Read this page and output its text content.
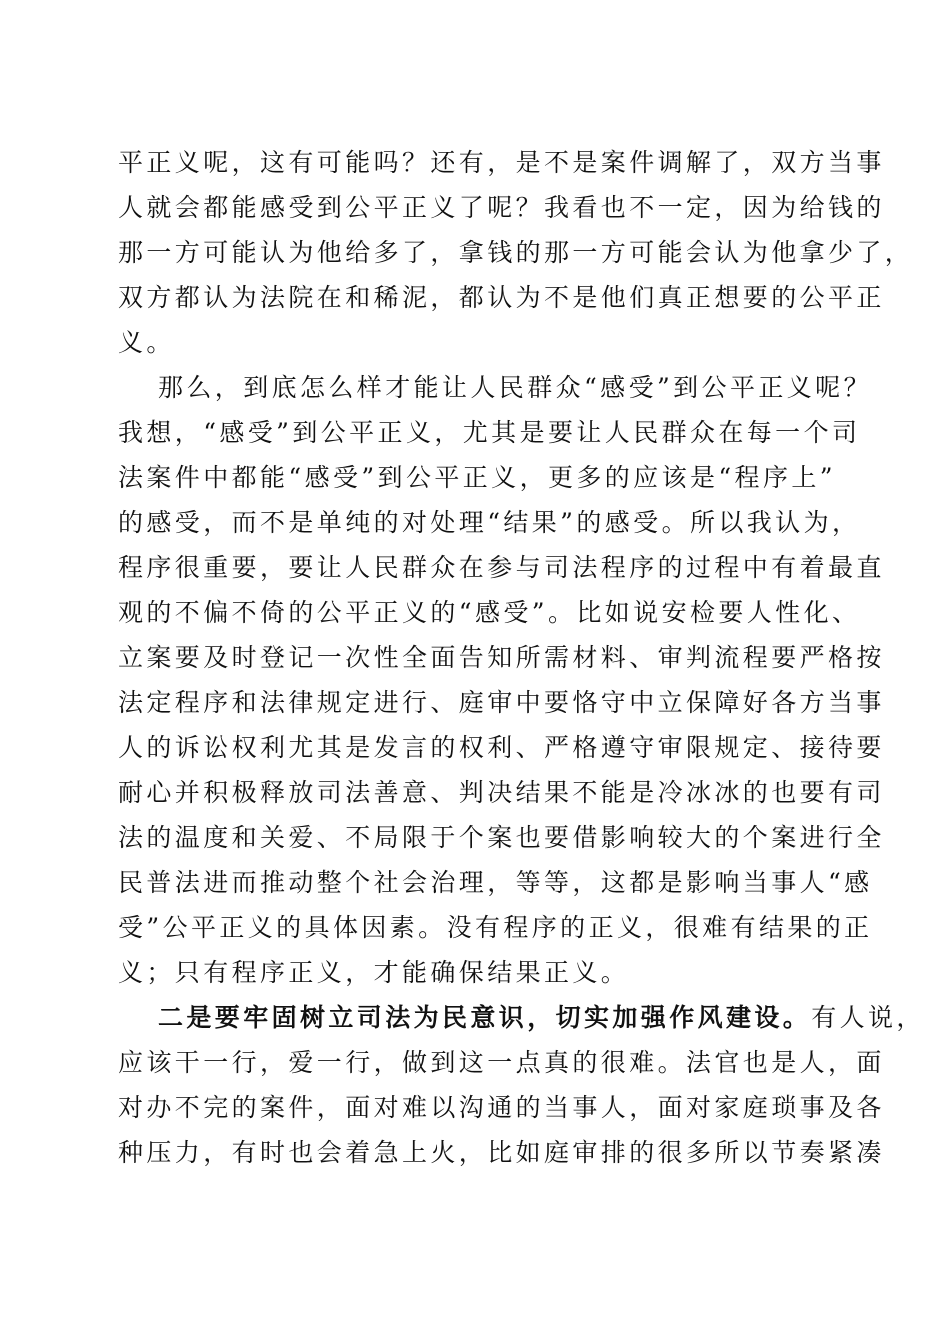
平正义呢，这有可能吗？还有，是不是案件调解了，双方当事
人就会都能感受到公平正义了呢？我看也不一定，因为给钱的
那一方可能认为他给多了，拿钱的那一方可能会认为他拿少了，
双方都认为法院在和稀泥，都认为不是他们真正想要的公平正
义。
那么，到底怎么样才能让人民群众“感受”到公平正义呢？
我想，“感受”到公平正义，尤其是要让人民群众在每一个司
法案件中都能“感受”到公平正义，更多的应该是“程序上”
的感受，而不是单纯的对处理“结果”的感受。所以我认为，
程序很重要，要让人民群众在参与司法程序的过程中有着最直
观的不偏不倚的公平正义的“感受”。比如说安检要人性化、
立案要及时登记一次性全面告知所需材料、审判流程要严格按
法定程序和法律规定进行、庭审中要恪守中立保障好各方当事
人的诉讼权利尤其是发言的权利、严格遵守审限规定、接待要
耐心并积极释放司法善意、判决结果不能是冷冰冰的也要有司
法的温度和关爱、不局限于个案也要借影响较大的个案进行全
民普法进而推动整个社会治理，等等，这都是影响当事人“感
受”公平正义的具体因素。没有程序的正义，很难有结果的正
义；只有程序正义，才能确保结果正义。
二是要牢固树立司法为民意识，切实加强作风建设。有人说，
应该干一行，爱一行，做到这一点真的很难。法官也是人，面
对办不完的案件，面对难以沟通的当事人，面对家庭琐事及各
种压力，有时也会着急上火，比如庭审排的很多所以节奏紧凑
